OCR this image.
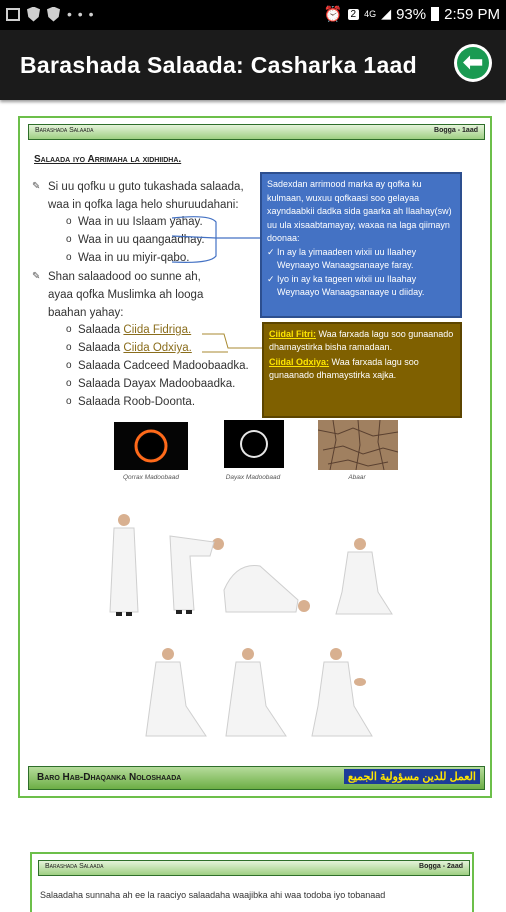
• • •	⏰ 2 4G ◢ 93% 2:59 PM
Barashada Salaada: Casharka 1aad ⬅
Barashada Salaada	Bogga - 1aad
Salaada iyo Arrimaha la xidhiidha.
✎ Si uu qofku u guto tukashada salaada,
waa in qofka laga helo shuruudahani:
o Waa in uu Islaam yahay.
o Waa in uu qaangaadhay.
o Waa in uu miyir-qabo.
✎ Shan salaadood oo sunne ah,
ayaa qofka Muslimka ah looga
baahan yahay:
o Salaada Ciida Fidriga.
o Salaada Ciida Odxiya.
o Salaada Cadceed Madoobaadka.
o Salaada Dayax Madoobaadka.
o Salaada Roob-Doonta.
Sadexdan arrimood marka ay qofka ku kulmaan, wuxuu qofkaasi soo gelayaa xayndaabkii dadka sida gaarka ah Ilaahay(sw) uu ula xisaabtamayay, waxaa na laga qiimayn doonaa:
✓ In ay la yimaadeen wixii uu Ilaahey Weynaayo Wanaagsanaaye faray.
✓ Iyo in ay ka tageen wixii uu Ilaahay Weynaayo Wanaagsanaaye u diiday.
Ciidal Fitri: Waa farxada lagu soo gunaanado dhamaystirka bisha ramadaan.
Ciidal Odxiya: Waa farxada lagu soo gunaanado dhamaystirka xajka.
Qorrax Madoobaad	Dayax Madoobaad	Abaar
Baro Hab-Dhaqanka Noloshaada	العمل للدين مسؤولية الجميع
Barashada Salaada	Bogga - 2aad
Salaadaha sunnaha ah ee la raaciyo salaadaha waajibka ahi waa todoba iyo tobanaad
